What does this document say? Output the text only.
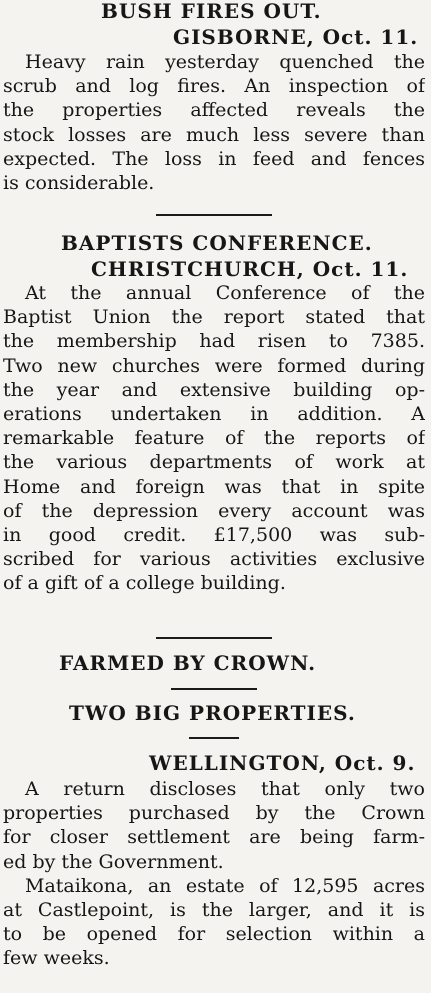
BUSH FIRES OUT.
GISBORNE, Oct. 11.
Heavy rain yesterday quenched the
scrub and log fires. An inspection of
the properties affected reveals the
stock losses are much less severe than
expected. The loss in feed and fences
is considerable.
BAPTISTS CONFERENCE.
CHRISTCHURCH, Oct. 11.
At the annual Conference of the
Baptist Union the report stated that
the membership had risen to 7385.
Two new churches were formed during
the year and extensive building op-
erations undertaken in addition. A
remarkable feature of the reports of
the various departments of work at
Home and foreign was that in spite
of the depression every account was
in good credit. £17,500 was sub-
scribed for various activities exclusive
of a gift of a college building.
FARMED BY CROWN.
TWO BIG PROPERTIES.
WELLINGTON, Oct. 9.
A return discloses that only two
properties purchased by the Crown
for closer settlement are being farm-
ed by the Government.
Mataikona, an estate of 12,595 acres
at Castlepoint, is the larger, and it is
to be opened for selection within a
few weeks.
